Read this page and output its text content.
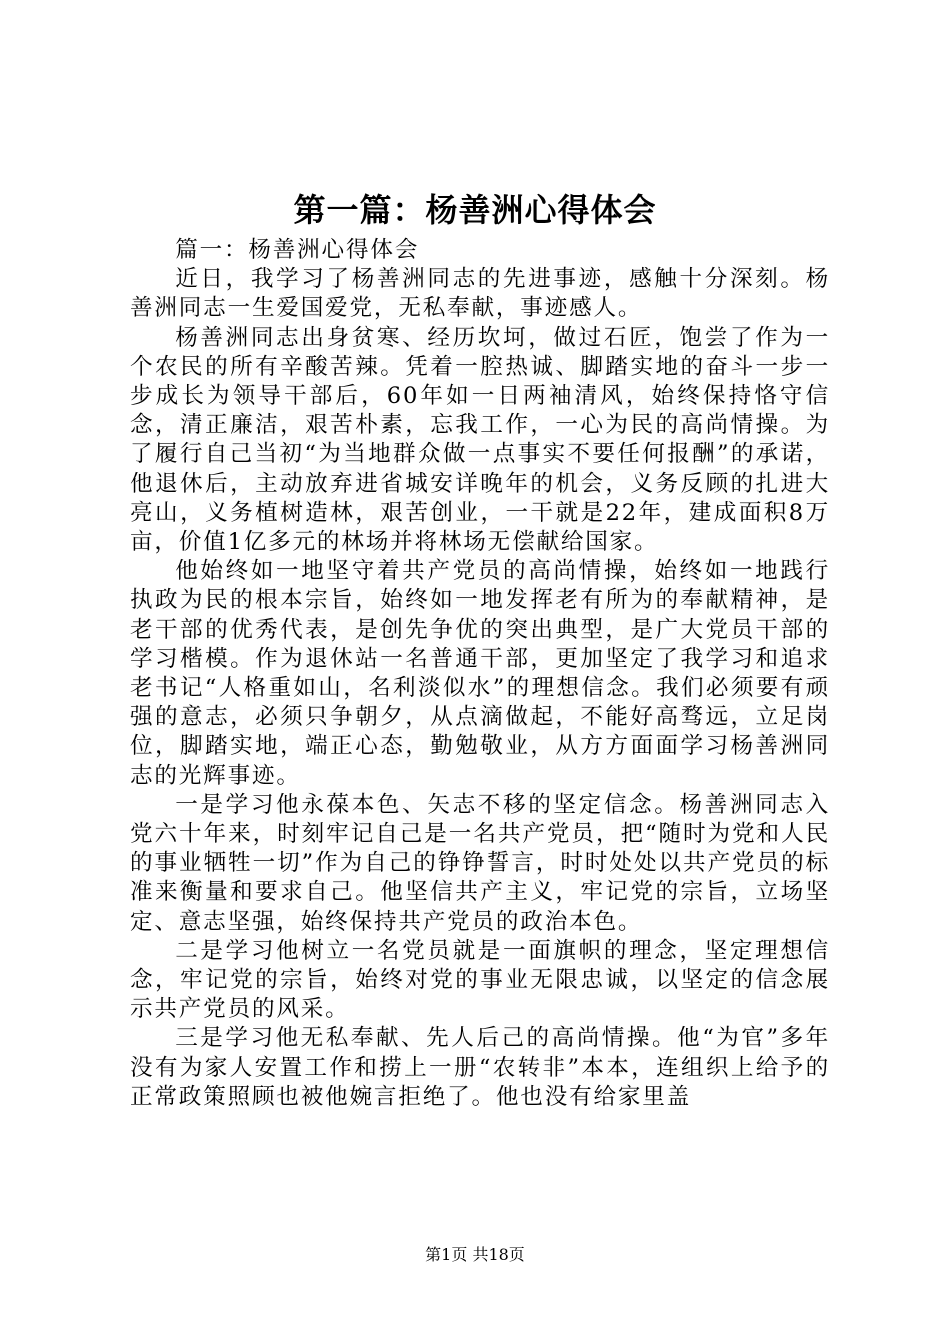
第一篇：杨善洲心得体会

篇一：杨善洲心得体会

近日，我学习了杨善洲同志的先进事迹，感触十分深刻。杨善洲同志一生爱国爱党，无私奉献，事迹感人。

杨善洲同志出身贫寒、经历坎坷，做过石匠，饱尝了作为一个农民的所有辛酸苦辣。凭着一腔热诚、脚踏实地的奋斗一步一步成长为领导干部后，60年如一日两袖清风，始终保持恪守信念，清正廉洁，艰苦朴素，忘我工作，一心为民的高尚情操。为了履行自己当初“为当地群众做一点事实不要任何报酬”的承诺，他退休后，主动放弃进省城安详晚年的机会，义务反顾的扎进大亮山，义务植树造林，艰苦创业，一干就是22年，建成面积8万亩，价值1亿多元的林场并将林场无偿献给国家。

他始终如一地坚守着共产党员的高尚情操，始终如一地践行执政为民的根本宗旨，始终如一地发挥老有所为的奉献精神，是老干部的优秀代表，是创先争优的突出典型，是广大党员干部的学习楷模。作为退休站一名普通干部，更加坚定了我学习和追求老书记“人格重如山，名利淡似水”的理想信念。我们必须要有顽强的意志，必须只争朝夕，从点滴做起，不能好高骛远，立足岗位，脚踏实地，端正心态，勤勉敬业，从方方面面学习杨善洲同志的光辉事迹。

一是学习他永葆本色、矢志不移的坚定信念。杨善洲同志入党六十年来，时刻牢记自己是一名共产党员，把“随时为党和人民的事业牺牲一切”作为自己的铮铮誓言，时时处处以共产党员的标准来衡量和要求自己。他坚信共产主义，牢记党的宗旨，立场坚定、意志坚强，始终保持共产党员的政治本色。

二是学习他树立一名党员就是一面旗帜的理念，坚定理想信念，牢记党的宗旨，始终对党的事业无限忠诚，以坚定的信念展示共产党员的风采。

三是学习他无私奉献、先人后己的高尚情操。他“为官”多年没有为家人安置工作和捞上一册“农转非”本本，连组织上给予的正常政策照顾也被他婉言拒绝了。他也没有给家里盖

第1页 共18页
